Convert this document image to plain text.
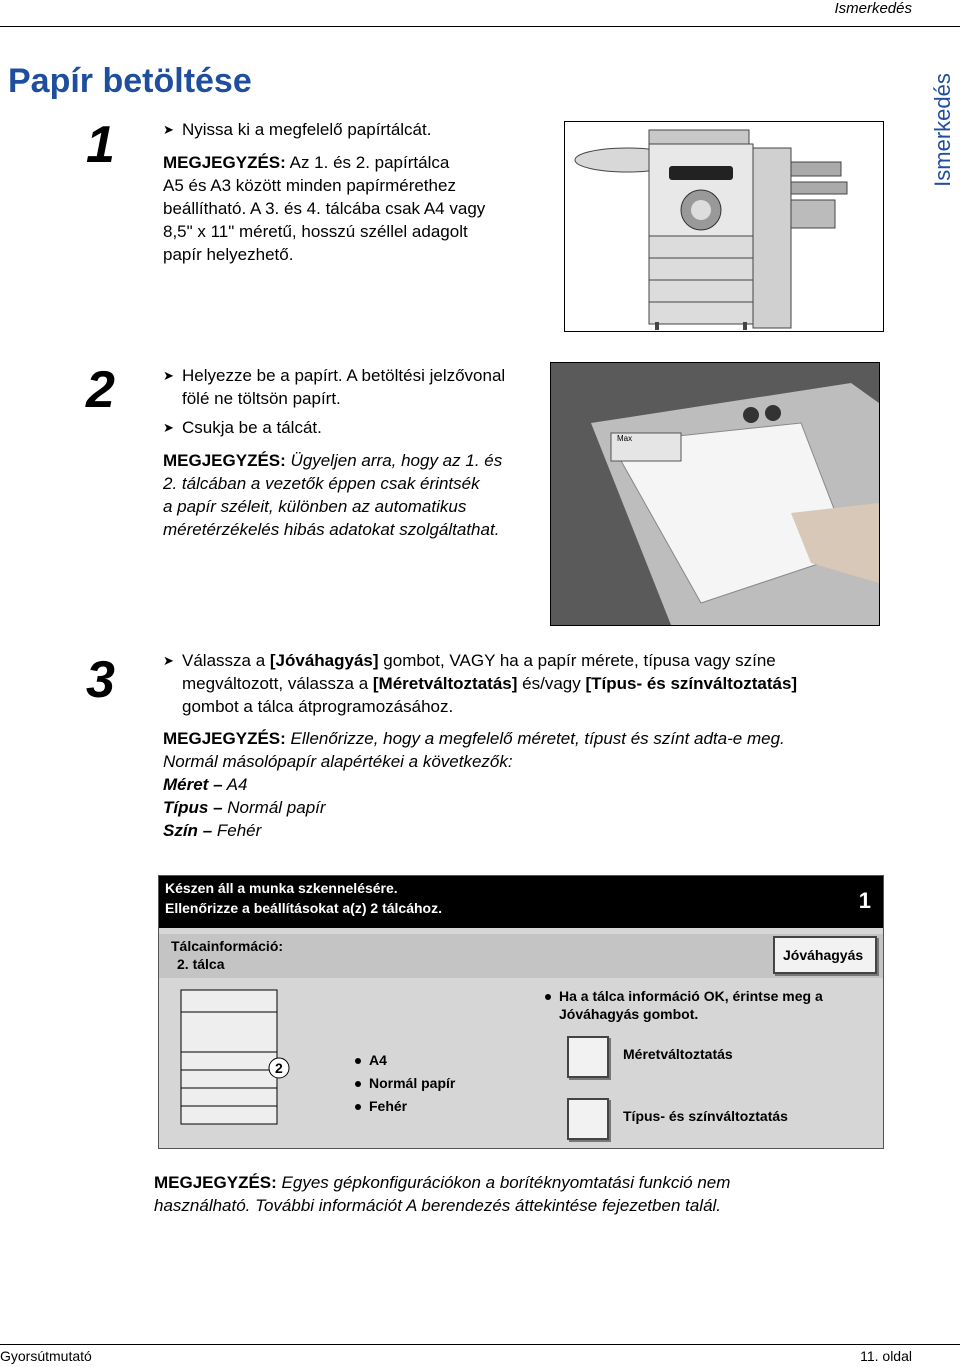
Ismerkedés
Ismerkedés
Papír betöltése
1	➤ Nyissa ki a megfelelő papírtálcát.
MEGJEGYZÉS: Az 1. és 2. papírtálca
A5 és A3 között minden papírmérethez
beállítható. A 3. és 4. tálcába csak A4 vagy
8,5" x 11" méretű, hosszú széllel adagolt
papír helyezhető.
2	➤ Helyezze be a papírt. A betöltési jelzővonal
fölé ne töltsön papírt.
➤ Csukja be a tálcát.
MEGJEGYZÉS: Ügyeljen arra, hogy az 1. és
2. tálcában a vezetők éppen csak érintsék
a papír széleit, különben az automatikus
méretérzékelés hibás adatokat szolgáltathat.
Max
3	➤ Válassza a [Jóváhagyás] gombot, VAGY ha a papír mérete, típusa vagy színe
megváltozott, válassza a [Méretváltoztatás] és/vagy [Típus- és színváltoztatás]
gombot a tálca átprogramozásához.
MEGJEGYZÉS: Ellenőrizze, hogy a megfelelő méretet, típust és színt adta-e meg.
Normál másolópapír alapértékei a következők:
Méret – A4
Típus – Normál papír
Szín – Fehér
Készen áll a munka szkennelésére.
Ellenőrizze a beállításokat a(z) 2 tálcához.	1
Tálcainformáció:
2. tálca
Jóváhagyás
2	A4
Normál papír
Fehér
Ha a tálca információ OK, érintse meg a
Jóváhagyás gombot.
Méretváltoztatás
Típus- és színváltoztatás
MEGJEGYZÉS: Egyes gépkonfigurációkon a borítéknyomtatási funkció nem
használható. További információt A berendezés áttekintése fejezetben talál.
Gyorsútmutató	11. oldal
